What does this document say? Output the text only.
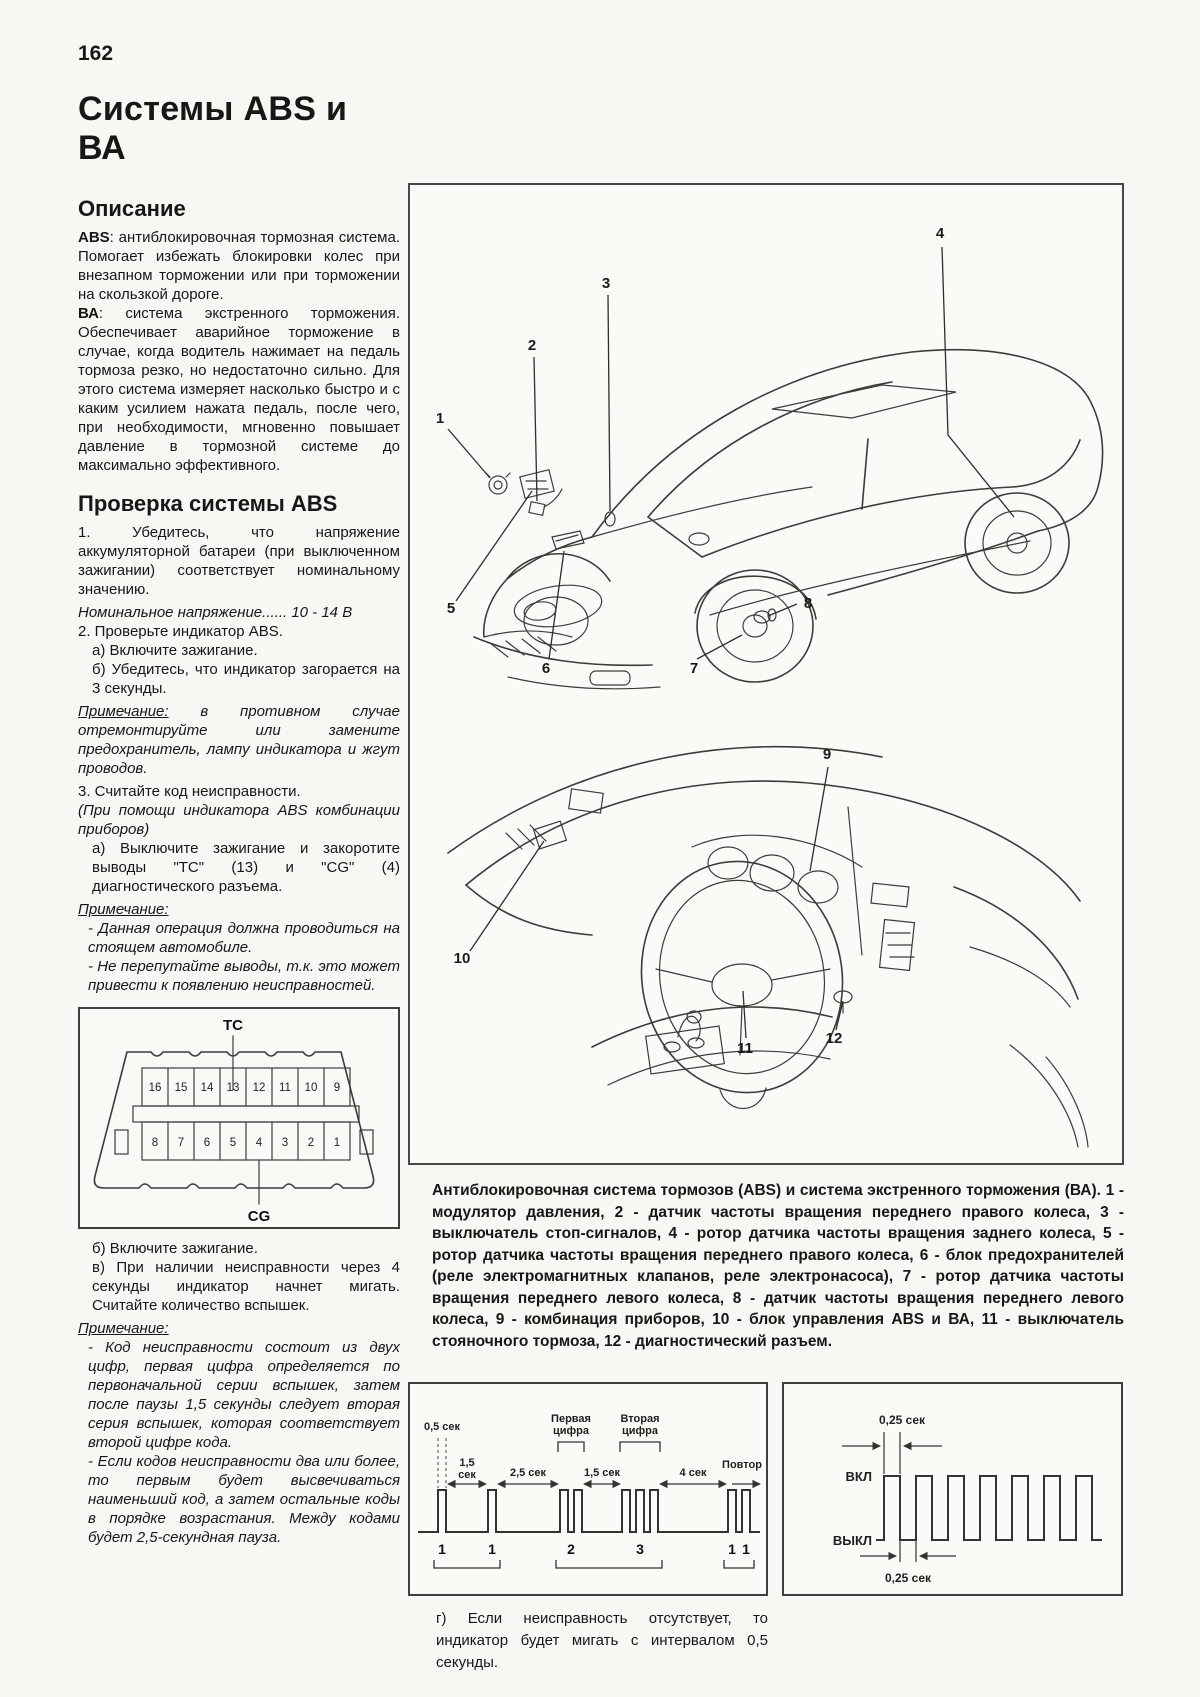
162
Системы ABS и ВА
Описание

ABS: антиблокировочная тормозная система. Помогает избежать блокировки колес при внезапном торможении или при торможении на скользкой дороге.

ВА: система экстренного торможения. Обеспечивает аварийное торможение в случае, когда водитель нажимает на педаль тормоза резко, но недостаточно сильно. Для этого система измеряет насколько быстро и с каким усилием нажата педаль, после чего, при необходимости, мгновенно повышает давление в тормозной системе до максимально эффективного.

Проверка системы ABS

1. Убедитесь, что напряжение аккумуляторной батареи (при выключенном зажигании) соответствует номинальному значению.

Номинальное напряжение...... 10 - 14 В

2. Проверьте индикатор ABS.

а) Включите зажигание.

б) Убедитесь, что индикатор загорается на 3 секунды.

Примечание: в противном случае отремонтируйте или замените предохранитель, лампу индикатора и жгут проводов.

3. Считайте код неисправности.

(При помощи индикатора ABS комбинации приборов)

а) Выключите зажигание и закоротите выводы "TC" (13) и "CG" (4) диагностического разъема.

Примечание:

- Данная операция должна проводиться на стоящем автомобиле.

- Не перепутайте выводы, т.к. это может привести к появлению неисправностей.

TC
16 15 14 13 12 11 10 9
8 7 6 5 4 3 2 1
CG

б) Включите зажигание.

в) При наличии неисправности через 4 секунды индикатор начнет мигать. Считайте количество вспышек.

Примечание:

- Код неисправности состоит из двух цифр, первая цифра определяется по первоначальной серии вспышек, затем после паузы 1,5 секунды следует вторая серия вспышек, которая соответствует второй цифре кода.

- Если кодов неисправности два или более, то первым будет высвечиваться наименьший код, а затем остальные коды в порядке возрастания. Между кодами будет 2,5-секундная пауза.

1
2
3
4
5
6	7
8
9
10
11
12

Антиблокировочная система тормозов (ABS) и система экстренного торможения (ВА). 1 - модулятор давления, 2 - датчик частоты вращения переднего правого колеса, 3 - выключатель стоп-сигналов, 4 - ротор датчика частоты вращения заднего колеса, 5 - ротор датчика частоты вращения переднего правого колеса, 6 - блок предохранителей (реле электромагнитных клапанов, реле электронасоса), 7 - ротор датчика частоты вращения переднего левого колеса, 8 - датчик частоты вращения переднего левого колеса, 9 - комбинация приборов, 10 - блок управления ABS и ВА, 11 - выключатель стояночного тормоза, 12 - диагностический разъем.

0,5 сек
1,5
сек	2,5 сек
Первая
цифра
Вторая
цифра
1,5 сек	4 сек
Повтор
1	1	2	3	1 1
0,25 сек
ВКЛ
ВЫКЛ
0,25 сек

г) Если неисправность отсутствует, то индикатор будет мигать с интервалом 0,5 секунды.
